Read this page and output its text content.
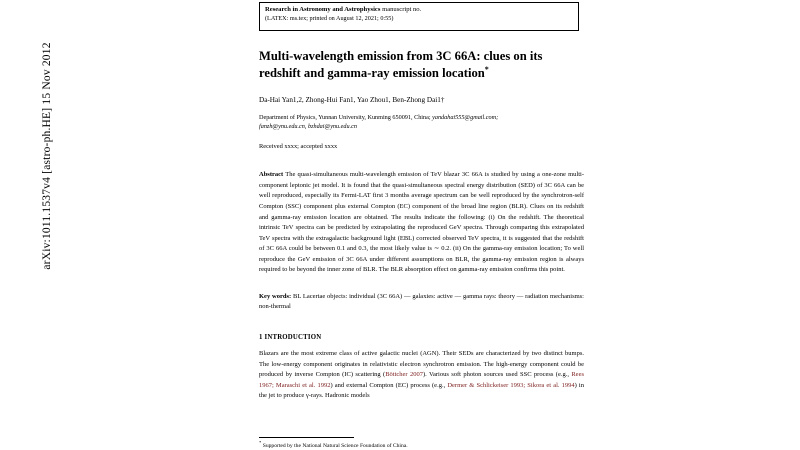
arXiv:1011.1537v4 [astro-ph.HE] 15 Nov 2012
Research in Astronomy and Astrophysics manuscript no.
(LATEX: ms.tex; printed on August 12, 2021; 0:55)
Multi-wavelength emission from 3C 66A: clues on its redshift and gamma-ray emission location*
Da-Hai Yan1,2, Zhong-Hui Fan1, Yao Zhou1, Ben-Zhong Dai1†
Department of Physics, Yunnan University, Kunming 650091, China; yandahai555@gmail.com;
fanzh@ynu.edu.cn, bzhdai@ynu.edu.cn
Received xxxx; accepted xxxx
Abstract The quasi-simultaneous multi-wavelength emission of TeV blazar 3C 66A is studied by using a one-zone multi-component leptonic jet model. It is found that the quasi-simultaneous spectral energy distribution (SED) of 3C 66A can be well reproduced, especially its Fermi-LAT first 3 months average spectrum can be well reproduced by the synchrotron-self Compton (SSC) component plus external Compton (EC) component of the broad line region (BLR). Clues on its redshift and gamma-ray emission location are obtained. The results indicate the following: (i) On the redshift. The theoretical intrinsic TeV spectra can be predicted by extrapolating the reproduced GeV spectra. Through comparing this extrapolated TeV spectra with the extragalactic background light (EBL) corrected observed TeV spectra, it is suggested that the redshift of 3C 66A could be between 0.1 and 0.3, the most likely value is ∼ 0.2. (ii) On the gamma-ray emission location; To well reproduce the GeV emission of 3C 66A under different assumptions on BLR, the gamma-ray emission region is always required to be beyond the inner zone of BLR. The BLR absorption effect on gamma-ray emission confirms this point.
Key words: BL Lacertae objects: individual (3C 66A) — galaxies: active — gamma rays: theory — radiation mechanisms: non-thermal
1 INTRODUCTION

Blazars are the most extreme class of active galactic nuclei (AGN). Their SEDs are characterized by two distinct bumps. The low-energy component originates in relativistic electron synchrotron emission. The high-energy component could be produced by inverse Compton (IC) scattering (Böttcher 2007). Various soft photon sources used SSC process (e.g., Rees 1967; Maraschi et al. 1992) and external Compton (EC) process (e.g., Dermer & Schlickeiser 1993; Sikora et al. 1994) in the jet to produce γ-rays. Hadronic models

* Supported by the National Natural Science Foundation of China.
